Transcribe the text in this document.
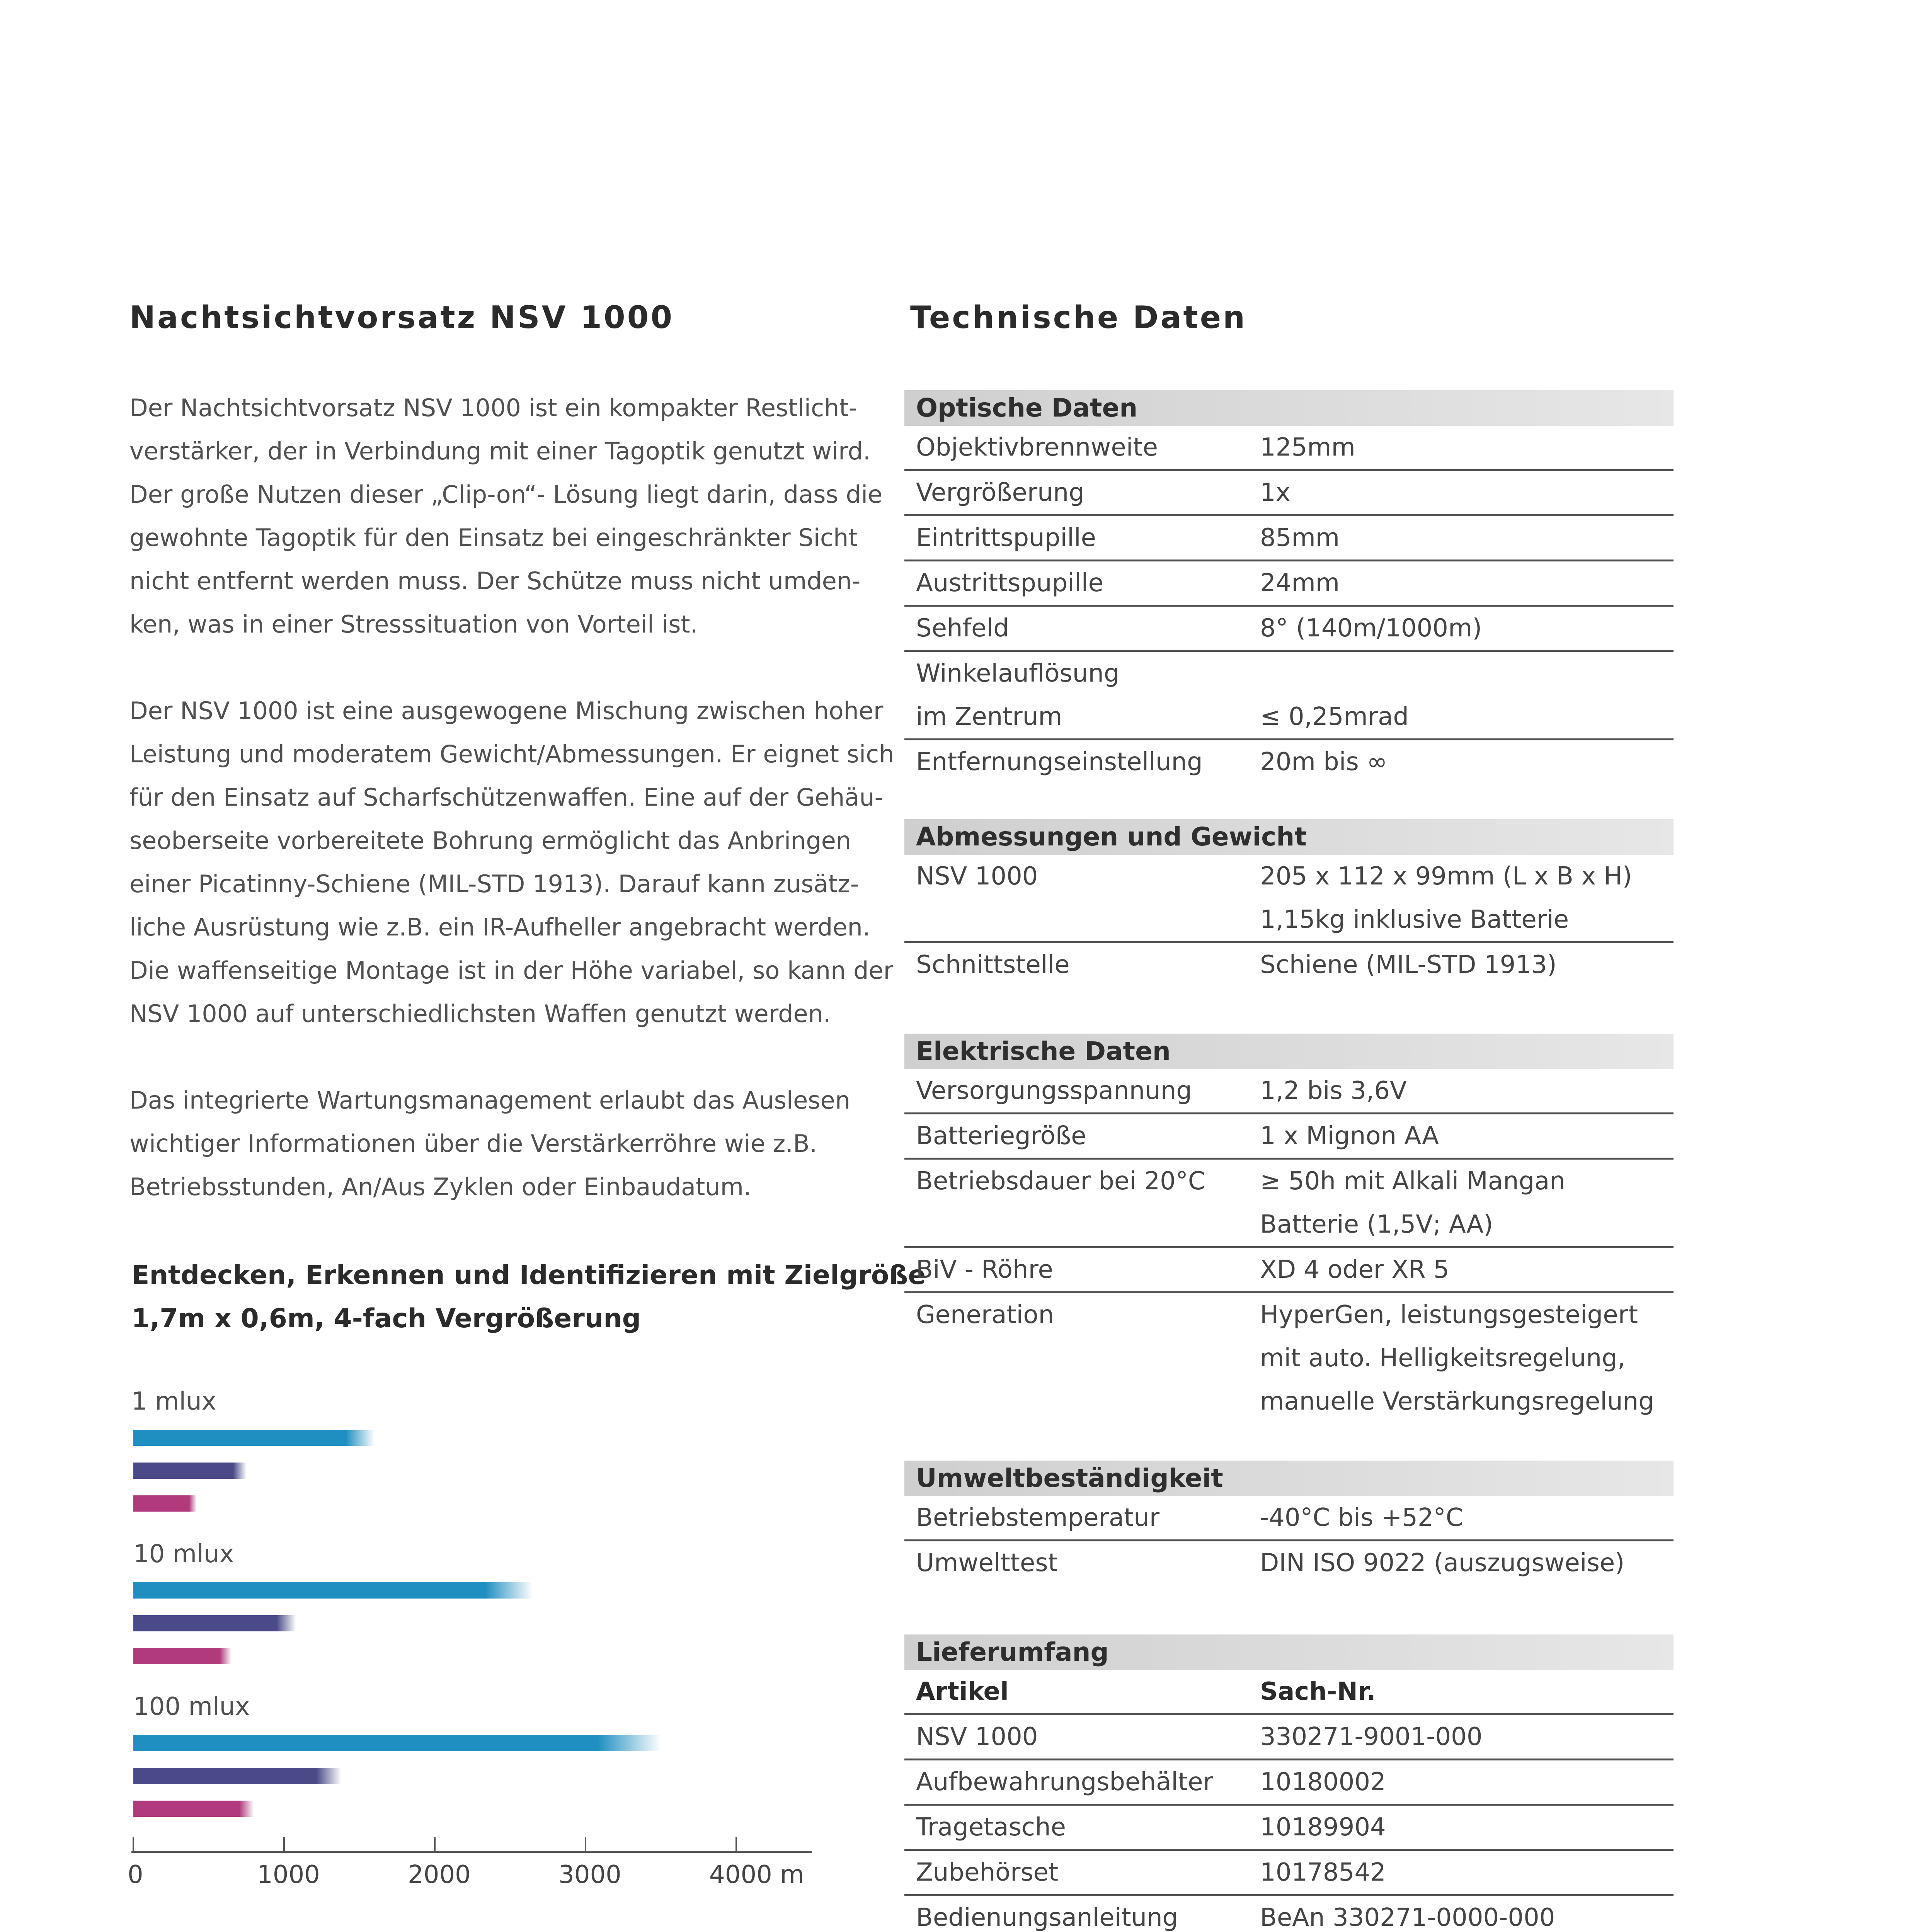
Nachtsichtvorsatz NSV 1000

Der Nachtsichtvorsatz NSV 1000 ist ein kompakter Restlicht-

verstärker, der in Verbindung mit einer Tagoptik genutzt wird.

Der große Nutzen dieser „Clip-on“- Lösung liegt darin, dass die

gewohnte Tagoptik für den Einsatz bei eingeschränkter Sicht

nicht entfernt werden muss. Der Schütze muss nicht umden-

ken, was in einer Stresssituation von Vorteil ist.

Der NSV 1000 ist eine ausgewogene Mischung zwischen hoher

Leistung und moderatem Gewicht/Abmessungen. Er eignet sich

für den Einsatz auf Scharfschützenwaffen. Eine auf der Gehäu-

seoberseite vorbereitete Bohrung ermöglicht das Anbringen

einer Picatinny-Schiene (MIL-STD 1913). Darauf kann zusätz-

liche Ausrüstung wie z.B. ein IR-Aufheller angebracht werden.

Die waffenseitige Montage ist in der Höhe variabel, so kann der

NSV 1000 auf unterschiedlichsten Waffen genutzt werden.

Das integrierte Wartungsmanagement erlaubt das Auslesen

wichtiger Informationen über die Verstärkerröhre wie z.B.

Betriebsstunden, An/Aus Zyklen oder Einbaudatum.

Entdecken, Erkennen und Identifizieren mit Zielgröße

1,7m x 0,6m, 4-fach Vergrößerung

1 mlux
10 mlux
100 mlux
0	1000	2000	3000	4000 m
Technische Daten
Optische Daten
Objektivbrennweite	125mm
Vergrößerung	1x
Eintrittspupille	85mm
Austrittspupille	24mm
Sehfeld	8° (140m/1000m)
Winkelauflösung
im Zentrum	≤ 0,25mrad
Entfernungseinstellung 20m bis ∞
Abmessungen und Gewicht
NSV 1000	205 x 112 x 99mm (L x B x H)
1,15kg inklusive Batterie
Schnittstelle	Schiene (MIL-STD 1913)
Elektrische Daten
Versorgungsspannung	1,2 bis 3,6V
Batteriegröße	1 x Mignon AA
Betriebsdauer bei 20°C ≥ 50h mit Alkali Mangan
Batterie (1,5V; AA)
BiV - Röhre	XD 4 oder XR 5
Generation	HyperGen, leistungsgesteigert
mit auto. Helligkeitsregelung,
manuelle Verstärkungsregelung
Umweltbeständigkeit
Betriebstemperatur	-40°C bis +52°C
Umwelttest	DIN ISO 9022 (auszugsweise)
Lieferumfang
Artikel	Sach-Nr.
NSV 1000	330271-9001-000
Aufbewahrungsbehälter 10180002
Tragetasche	10189904
Zubehörset	10178542
Bedienungsanleitung	BeAn 330271-0000-000
